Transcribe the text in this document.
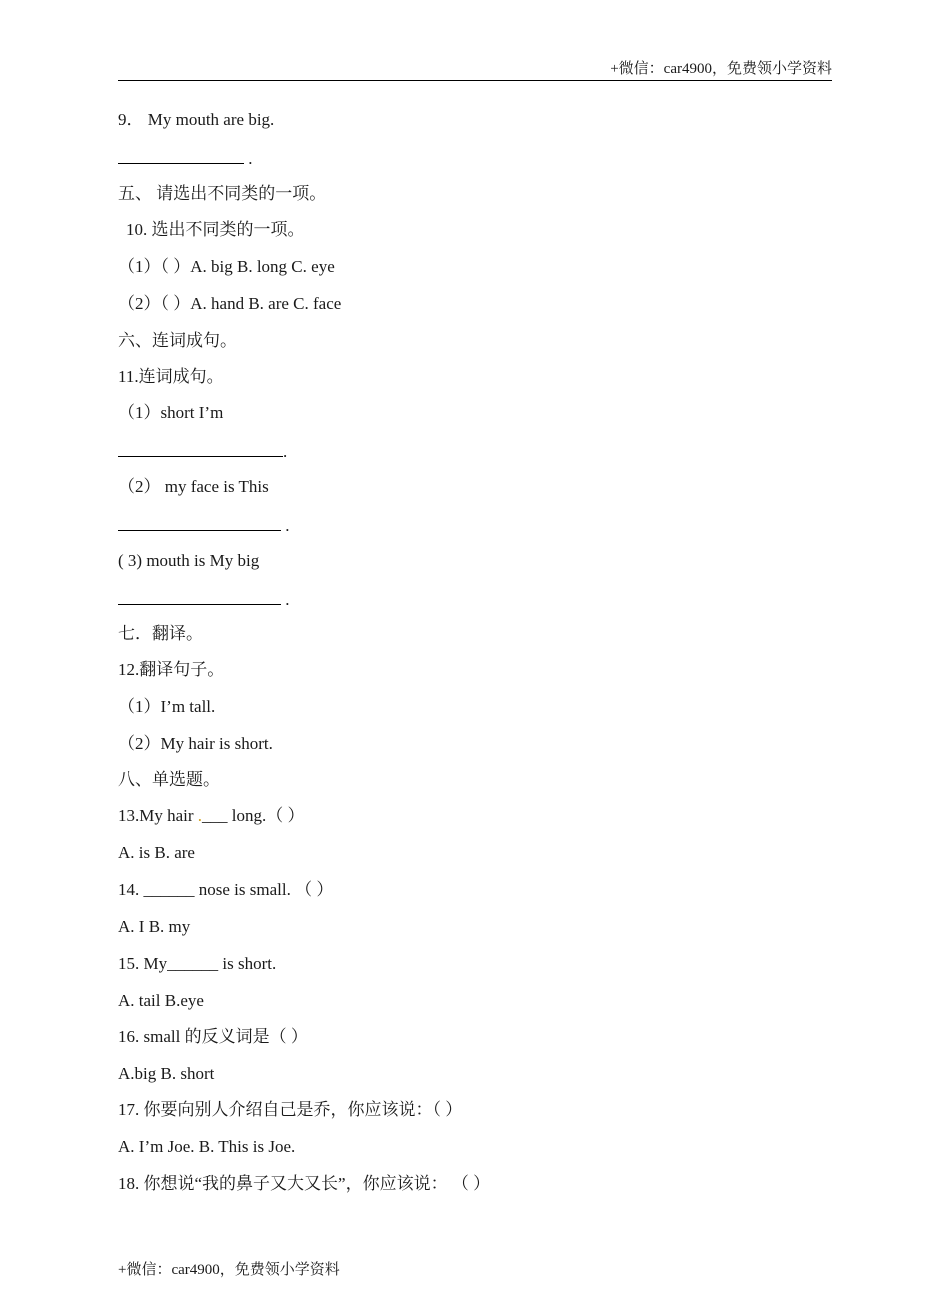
+微信：car4900，免费领小学资料
9． My mouth are big.
.
五、 请选出不同类的一项。
10. 选出不同类的一项。
（1）（ ）A. big B. long C. eye
（2）（ ）A. hand B. are C. face
六、连词成句。
11.连词成句。
（1）short I’m
.
（2） my face is This
.
( 3) mouth is My big
.
七．翻译。
12.翻译句子。
（1）I’m tall.
（2）My hair is short.
八、单选题。
13.My hair .___ long.（ ）
A. is B. are
14. ______ nose is small. （ ）
A. I B. my
15. My______ is short.
A. tail B.eye
16. small 的反义词是（ ）
A.big B. short
17. 你要向别人介绍自己是乔，你应该说：（ ）
A. I’m Joe. B. This is Joe.
18. 你想说“我的鼻子又大又长”，你应该说： （ ）
+微信：car4900，免费领小学资料
